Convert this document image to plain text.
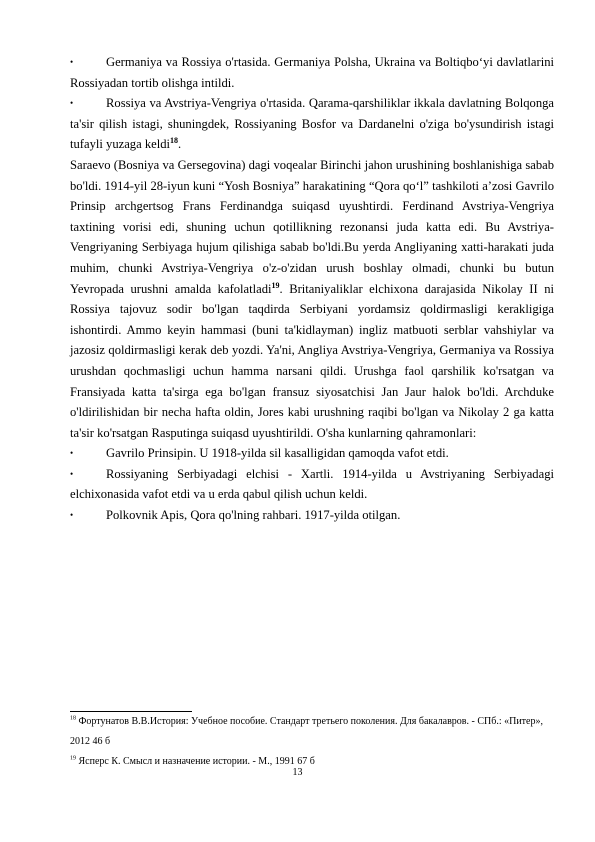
•	Germaniya va Rossiya o'rtasida. Germaniya Polsha, Ukraina va Boltiqbo‘yi davlatlarini Rossiyadan tortib olishga intildi.

•	Rossiya va Avstriya-Vengriya o'rtasida. Qarama-qarshiliklar ikkala davlatning Bolqonga ta'sir qilish istagi, shuningdek, Rossiyaning Bosfor va Dardanelni o'ziga bo'ysundirish istagi tufayli yuzaga keldi$^{18}$.

Saraevo (Bosniya va Gersegovina) dagi voqealar Birinchi jahon urushining boshlanishiga sabab bo'ldi. 1914-yil 28-iyun kuni “Yosh Bosniya” harakatining “Qora qo‘l” tashkiloti a’zosi Gavrilo Prinsip archgertsog Frans Ferdinandga suiqasd uyushtirdi. Ferdinand Avstriya-Vengriya taxtining vorisi edi, shuning uchun qotillikning rezonansi juda katta edi. Bu Avstriya-Vengriyaning Serbiyaga hujum qilishiga sabab bo'ldi.Bu yerda Angliyaning xatti-harakati juda muhim, chunki Avstriya-Vengriya o'z-o'zidan urush boshlay olmadi, chunki bu butun Yevropada urushni amalda kafolatladi$^{19}$. Britaniyaliklar elchixona darajasida Nikolay II ni Rossiya tajovuz sodir bo'lgan taqdirda Serbiyani yordamsiz qoldirmasligi kerakligiga ishontirdi. Ammo keyin hammasi (buni ta'kidlayman) ingliz matbuoti serblar vahshiylar va jazosiz qoldirmasligi kerak deb yozdi. Ya'ni, Angliya Avstriya-Vengriya, Germaniya va Rossiya urushdan qochmasligi uchun hamma narsani qildi. Urushga faol qarshilik ko'rsatgan va Fransiyada katta ta'sirga ega bo'lgan fransuz siyosatchisi Jan Jaur halok bo'ldi. Archduke o'ldirilishidan bir necha hafta oldin, Jores kabi urushning raqibi bo'lgan va Nikolay 2 ga katta ta'sir ko'rsatgan Rasputinga suiqasd uyushtirildi. O'sha kunlarning qahramonlari:

•	Gavrilo Prinsipin. U 1918-yilda sil kasalligidan qamoqda vafot etdi.

•	Rossiyaning Serbiyadagi elchisi - Xartli. 1914-yilda u Avstriyaning Serbiyadagi elchixonasida vafot etdi va u erda qabul qilish uchun keldi.

•	Polkovnik Apis, Qora qo'lning rahbari. 1917-yilda otilgan.

$^{18}$ Фортунатов В.В.История: Учебное пособие. Стандарт третьего поколения. Для бакалавров. - СПб.: «Питер», 2012 46 б
$^{19}$ Ясперс К. Смысл и назначение истории. - М., 1991 67 б
13
